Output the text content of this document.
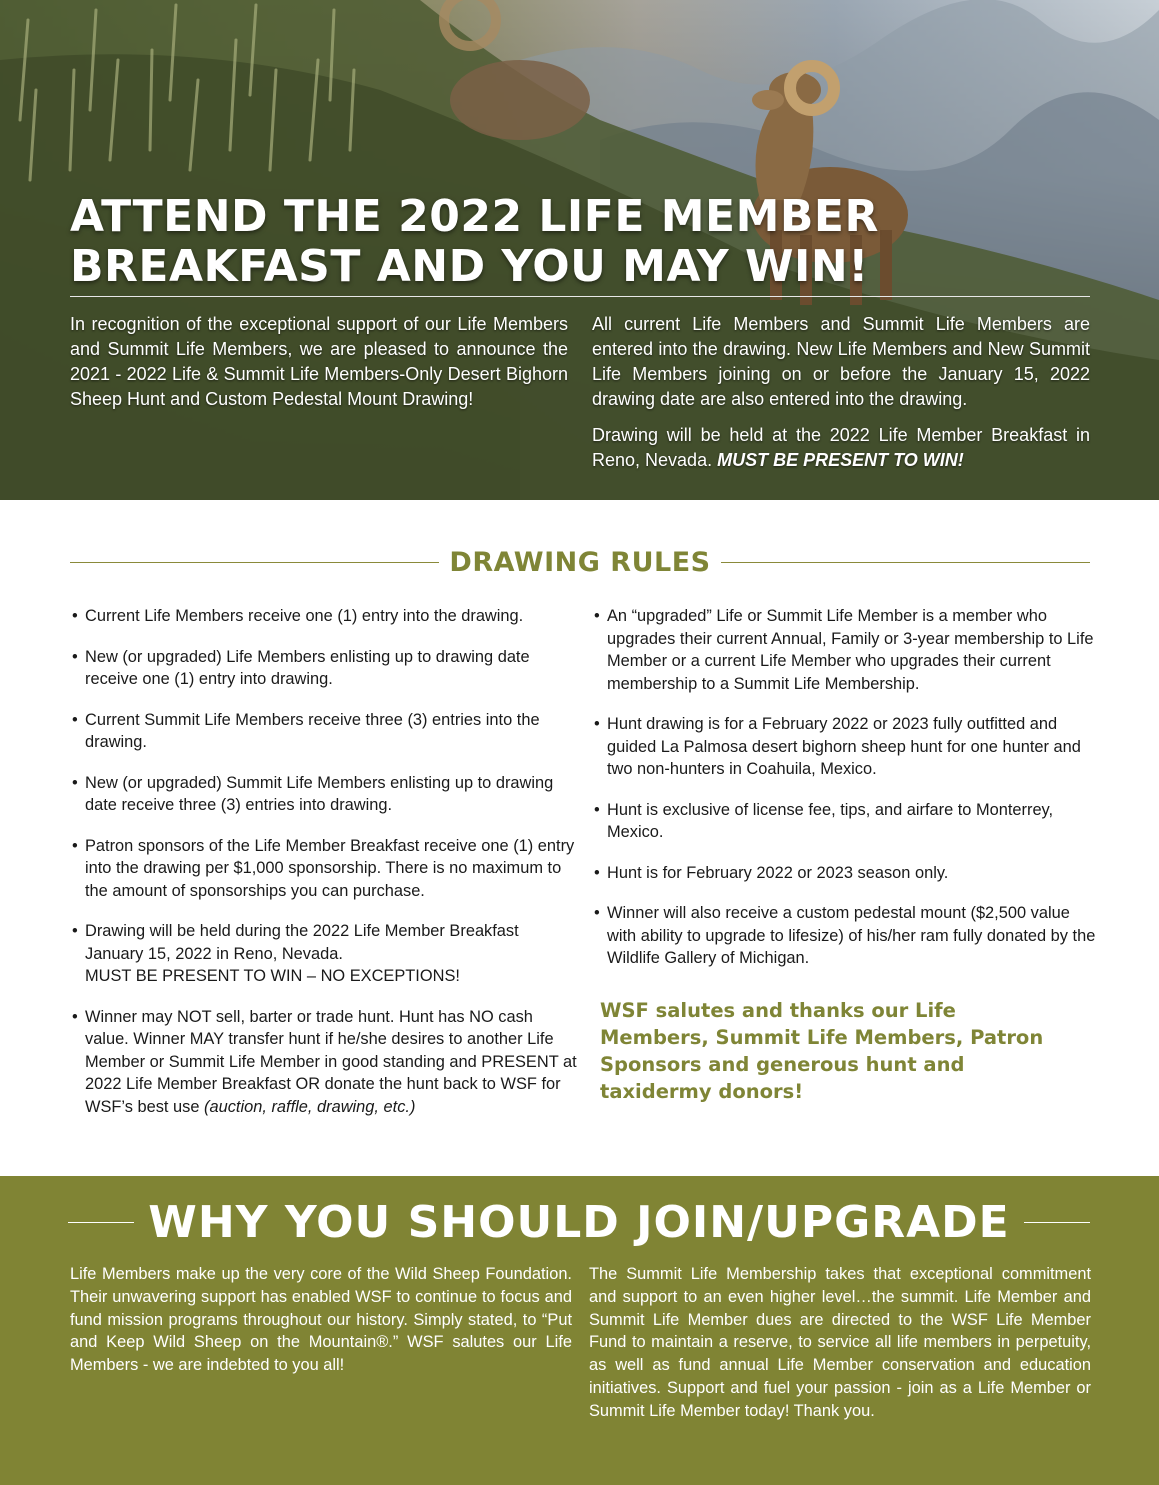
ATTEND THE 2022 LIFE MEMBER
BREAKFAST AND YOU MAY WIN!

In recognition of the exceptional support of our Life Members and Summit Life Members, we are pleased to announce the 2021 - 2022 Life & Summit Life Members-Only Desert Bighorn Sheep Hunt and Custom Pedestal Mount Drawing!

All current Life Members and Summit Life Members are entered into the drawing. New Life Members and New Summit Life Members joining on or before the January 15, 2022 drawing date are also entered into the drawing.

Drawing will be held at the 2022 Life Member Breakfast in Reno, Nevada. MUST BE PRESENT TO WIN!

DRAWING RULES
• Current Life Members receive one (1) entry into the drawing.
• New (or upgraded) Life Members enlisting up to drawing date receive one (1) entry into drawing.
• Current Summit Life Members receive three (3) entries into the drawing.
• New (or upgraded) Summit Life Members enlisting up to drawing date receive three (3) entries into drawing.
• Patron sponsors of the Life Member Breakfast receive one (1) entry into the drawing per $1,000 sponsorship. There is no maximum to the amount of sponsorships you can purchase.
• Drawing will be held during the 2022 Life Member Breakfast January 15, 2022 in Reno, Nevada.
MUST BE PRESENT TO WIN – NO EXCEPTIONS!
• Winner may NOT sell, barter or trade hunt. Hunt has NO cash value. Winner MAY transfer hunt if he/she desires to another Life Member or Summit Life Member in good standing and PRESENT at 2022 Life Member Breakfast OR donate the hunt back to WSF for WSF’s best use (auction, raffle, drawing, etc.)
• An “upgraded” Life or Summit Life Member is a member who upgrades their current Annual, Family or 3-year membership to Life Member or a current Life Member who upgrades their current membership to a Summit Life Membership.
• Hunt drawing is for a February 2022 or 2023 fully outfitted and guided La Palmosa desert bighorn sheep hunt for one hunter and two non-hunters in Coahuila, Mexico.
• Hunt is exclusive of license fee, tips, and airfare to Monterrey, Mexico.
• Hunt is for February 2022 or 2023 season only.
• Winner will also receive a custom pedestal mount ($2,500 value with ability to upgrade to lifesize) of his/her ram fully donated by the Wildlife Gallery of Michigan.
WSF salutes and thanks our Life Members, Summit Life Members, Patron Sponsors and generous hunt and taxidermy donors!
WHY YOU SHOULD JOIN/UPGRADE
Life Members make up the very core of the Wild Sheep Foundation. Their unwavering support has enabled WSF to continue to focus and fund mission programs throughout our history. Simply stated, to “Put and Keep Wild Sheep on the Mountain®.” WSF salutes our Life Members - we are indebted to you all!
The Summit Life Membership takes that exceptional commitment and support to an even higher level…the summit. Life Member and Summit Life Member dues are directed to the WSF Life Member Fund to maintain a reserve, to service all life members in perpetuity, as well as fund annual Life Member conservation and education initiatives. Support and fuel your passion - join as a Life Member or Summit Life Member today! Thank you.
